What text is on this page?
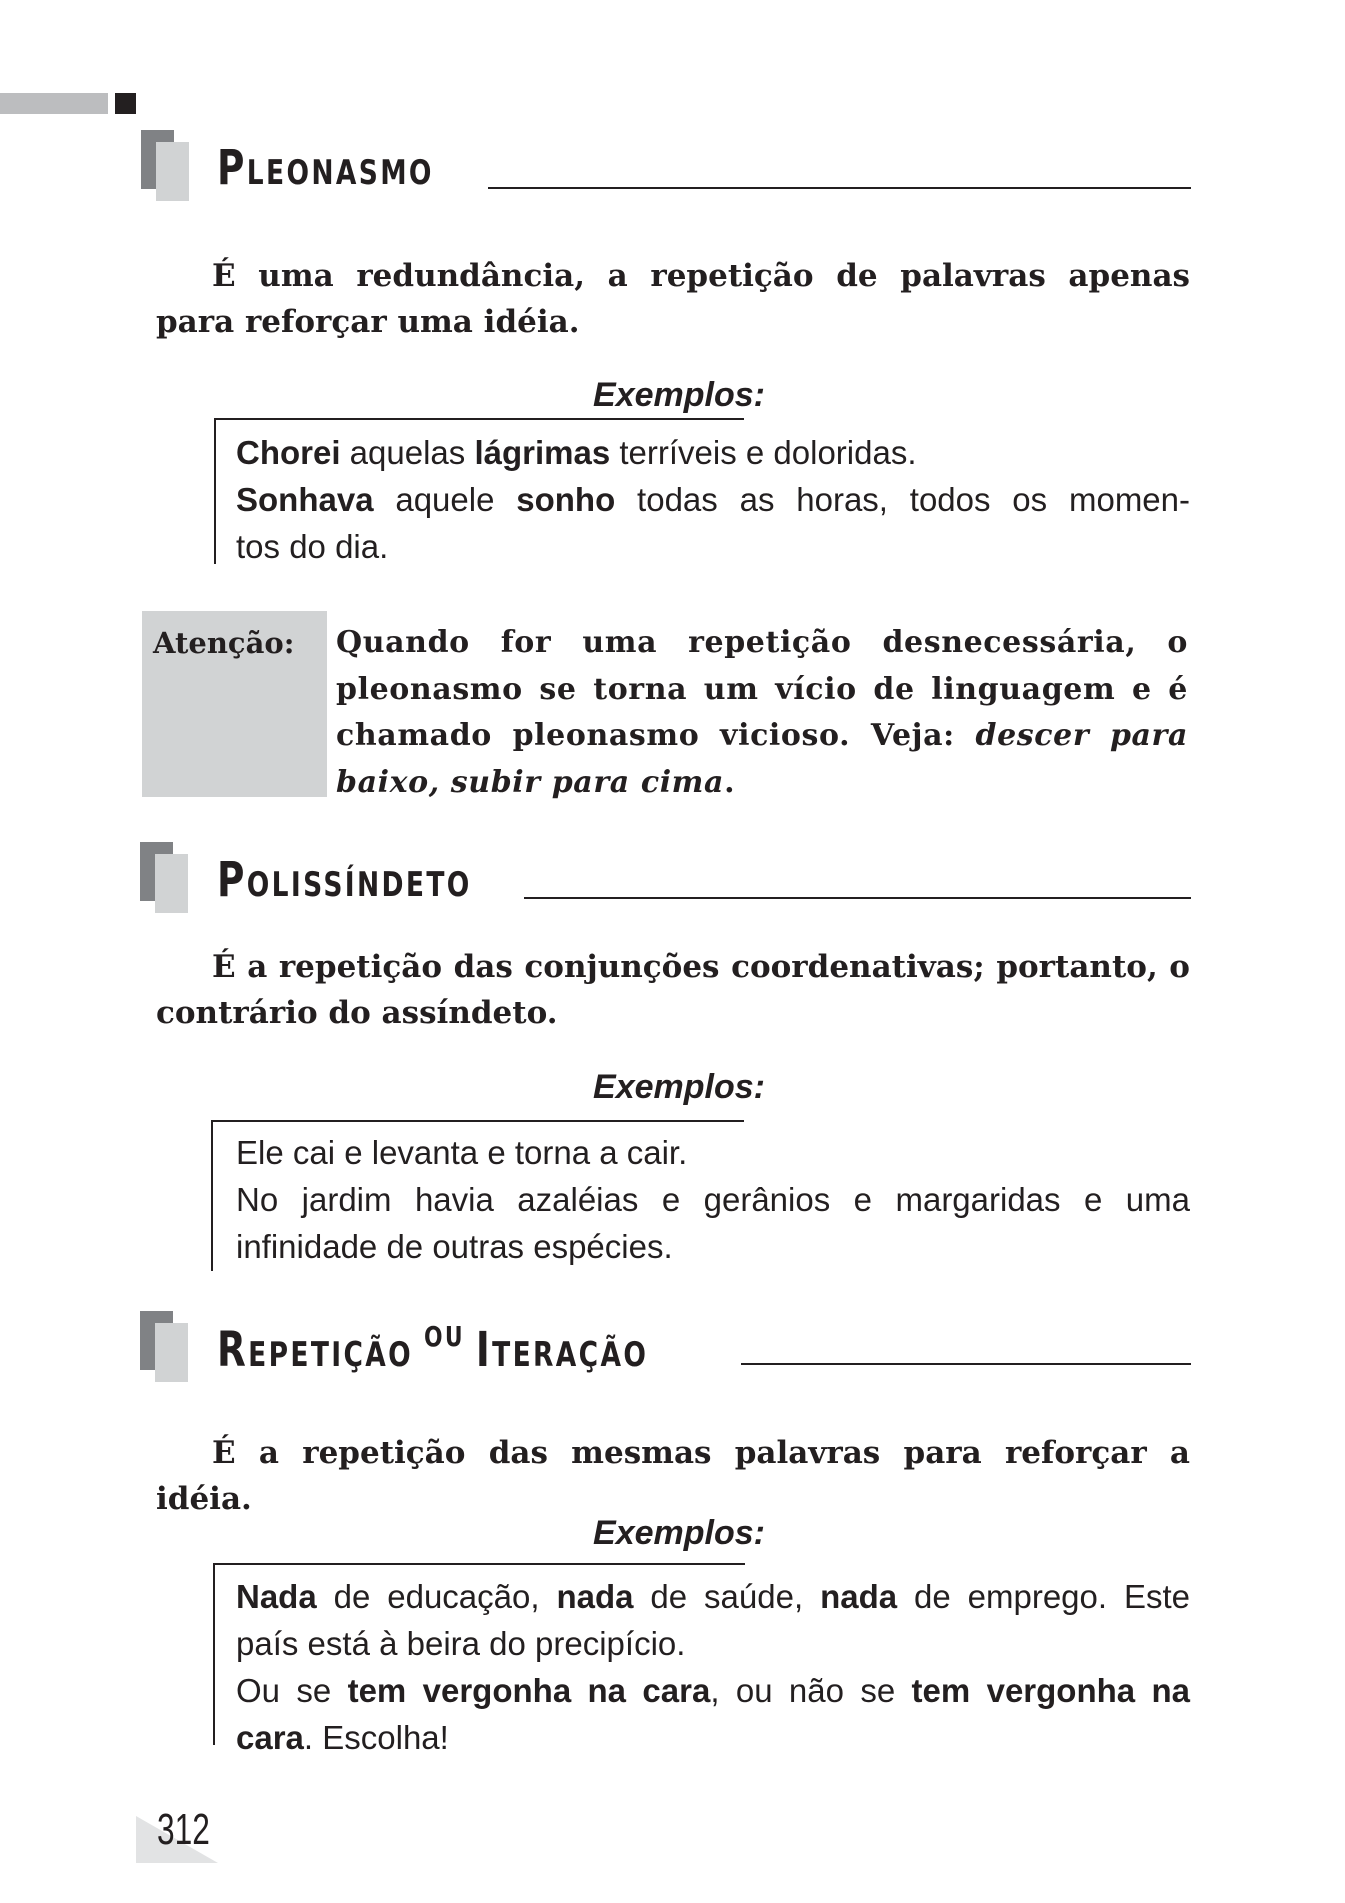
PLEONASMO
É uma redundância, a repetição de palavras apenas para reforçar uma idéia.
Exemplos:
Chorei aquelas lágrimas terríveis e doloridas.
Sonhava aquele sonho todas as horas, todos os momen-
tos do dia.
Atenção: Quando for uma repetição desnecessária, o pleonasmo se torna um vício de linguagem e é chamado pleonasmo vicioso. Veja: descer para baixo, subir para cima.
POLISSÍNDETO
É a repetição das conjunções coordenativas; portanto, o contrário do assíndeto.
Exemplos:
Ele cai e levanta e torna a cair.
No jardim havia azaléias e gerânios e margaridas e uma
infinidade de outras espécies.
REPETIÇÃO $^{OU}$ ITERAÇÃO
É a repetição das mesmas palavras para reforçar a idéia.
Exemplos:
Nada de educação, nada de saúde, nada de emprego. Este
país está à beira do precipício.
Ou se tem vergonha na cara, ou não se tem vergonha na
cara. Escolha!
312
